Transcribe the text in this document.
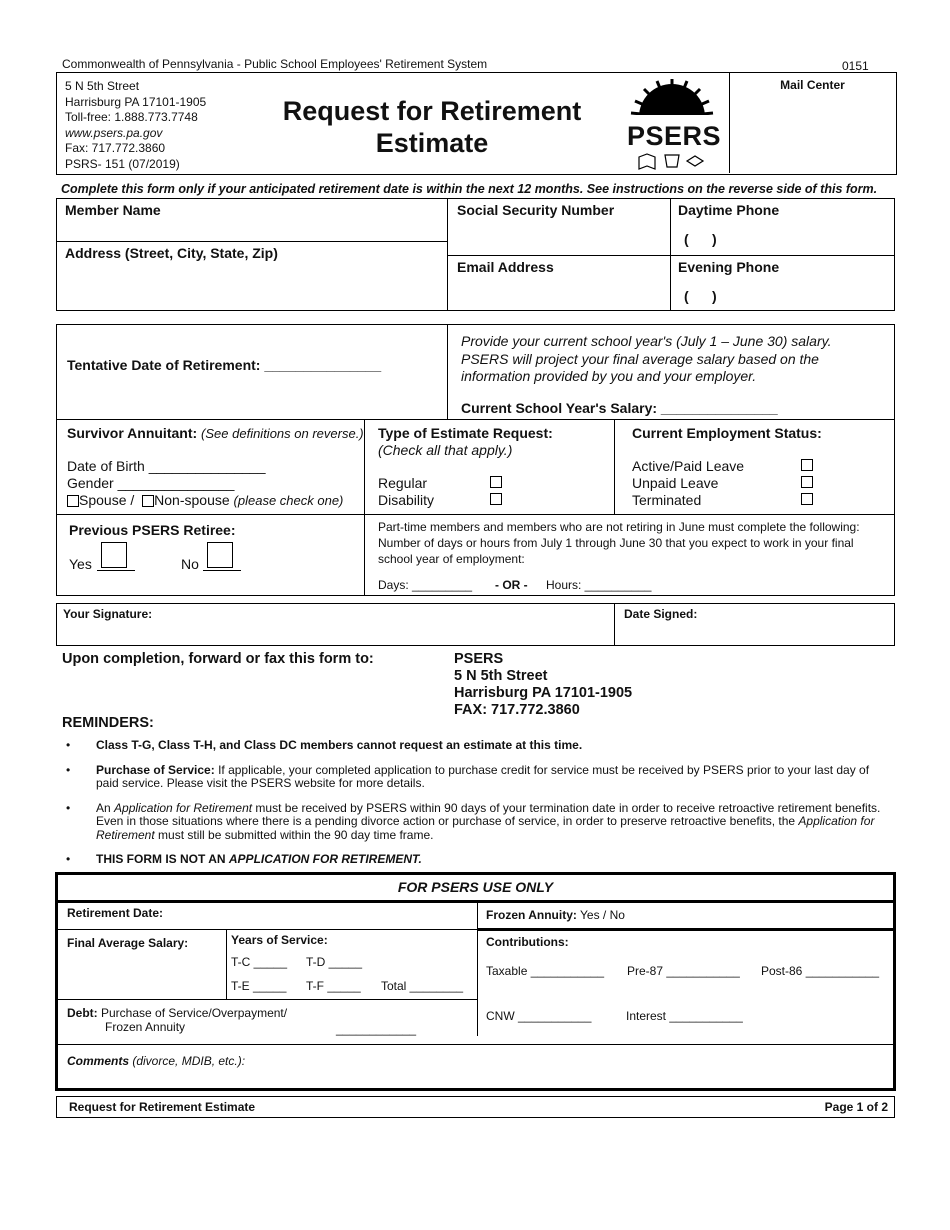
Commonwealth of Pennsylvania - Public School Employees' Retirement System	0151
5 N 5th Street
Harrisburg PA 17101-1905
Toll-free: 1.888.773.7748
www.psers.pa.gov
Fax: 717.772.3860
PSRS- 151 (07/2019)
Request for Retirement
Estimate	PSERS
Mail Center
Complete this form only if your anticipated retirement date is within the next 12 months. See instructions on the reverse side of this form.
Member Name
Address (Street, City, State, Zip)
Social Security Number
Email Address
Daytime Phone
(      )
Evening Phone
(      )
Tentative Date of Retirement: _______________
Provide your current school year's (July 1 – June 30) salary. PSERS will project your final average salary based on the information provided by you and your employer.
Current School Year's Salary: _______________
Survivor Annuitant: (See definitions on reverse.)
Date of Birth _______________
Gender _______________
Spouse / Non-spouse (please check one)
Type of Estimate Request:
(Check all that apply.)
Regular
Disability
Current Employment Status:
Active/Paid Leave
Unpaid Leave
Terminated
Previous PSERS Retiree:
Yes	No
Part-time members and members who are not retiring in June must complete the following: Number of days or hours from July 1 through June 30 that you expect to work in your final school year of employment:
Days: _________ - OR - Hours: __________
Your Signature:	Date Signed:
Upon completion, forward or fax this form to:	PSERS
5 N 5th Street
Harrisburg PA 17101-1905
FAX: 717.772.3860
REMINDERS:
• Class T-G, Class T-H, and Class DC members cannot request an estimate at this time.
• Purchase of Service: If applicable, your completed application to purchase credit for service must be received by PSERS prior to your last day of paid service. Please visit the PSERS website for more details.
• An Application for Retirement must be received by PSERS within 90 days of your termination date in order to receive retroactive retirement benefits. Even in those situations where there is a pending divorce action or purchase of service, in order to preserve retroactive benefits, the Application for Retirement must still be submitted within the 90 day time frame.
• THIS FORM IS NOT AN APPLICATION FOR RETIREMENT.
FOR PSERS USE ONLY
Retirement Date:	Frozen Annuity: Yes / No
Final Average Salary:	Years of Service:
T-C _____ T-D _____
T-E _____ T-F _____ Total ________
Contributions:
Taxable ___________ Pre-87 ___________ Post-86 ___________
CNW ___________	Interest ___________
Debt: Purchase of Service/Overpayment/
Frozen Annuity	____________
Comments (divorce, MDIB, etc.):
Request for Retirement Estimate	Page 1 of 2
